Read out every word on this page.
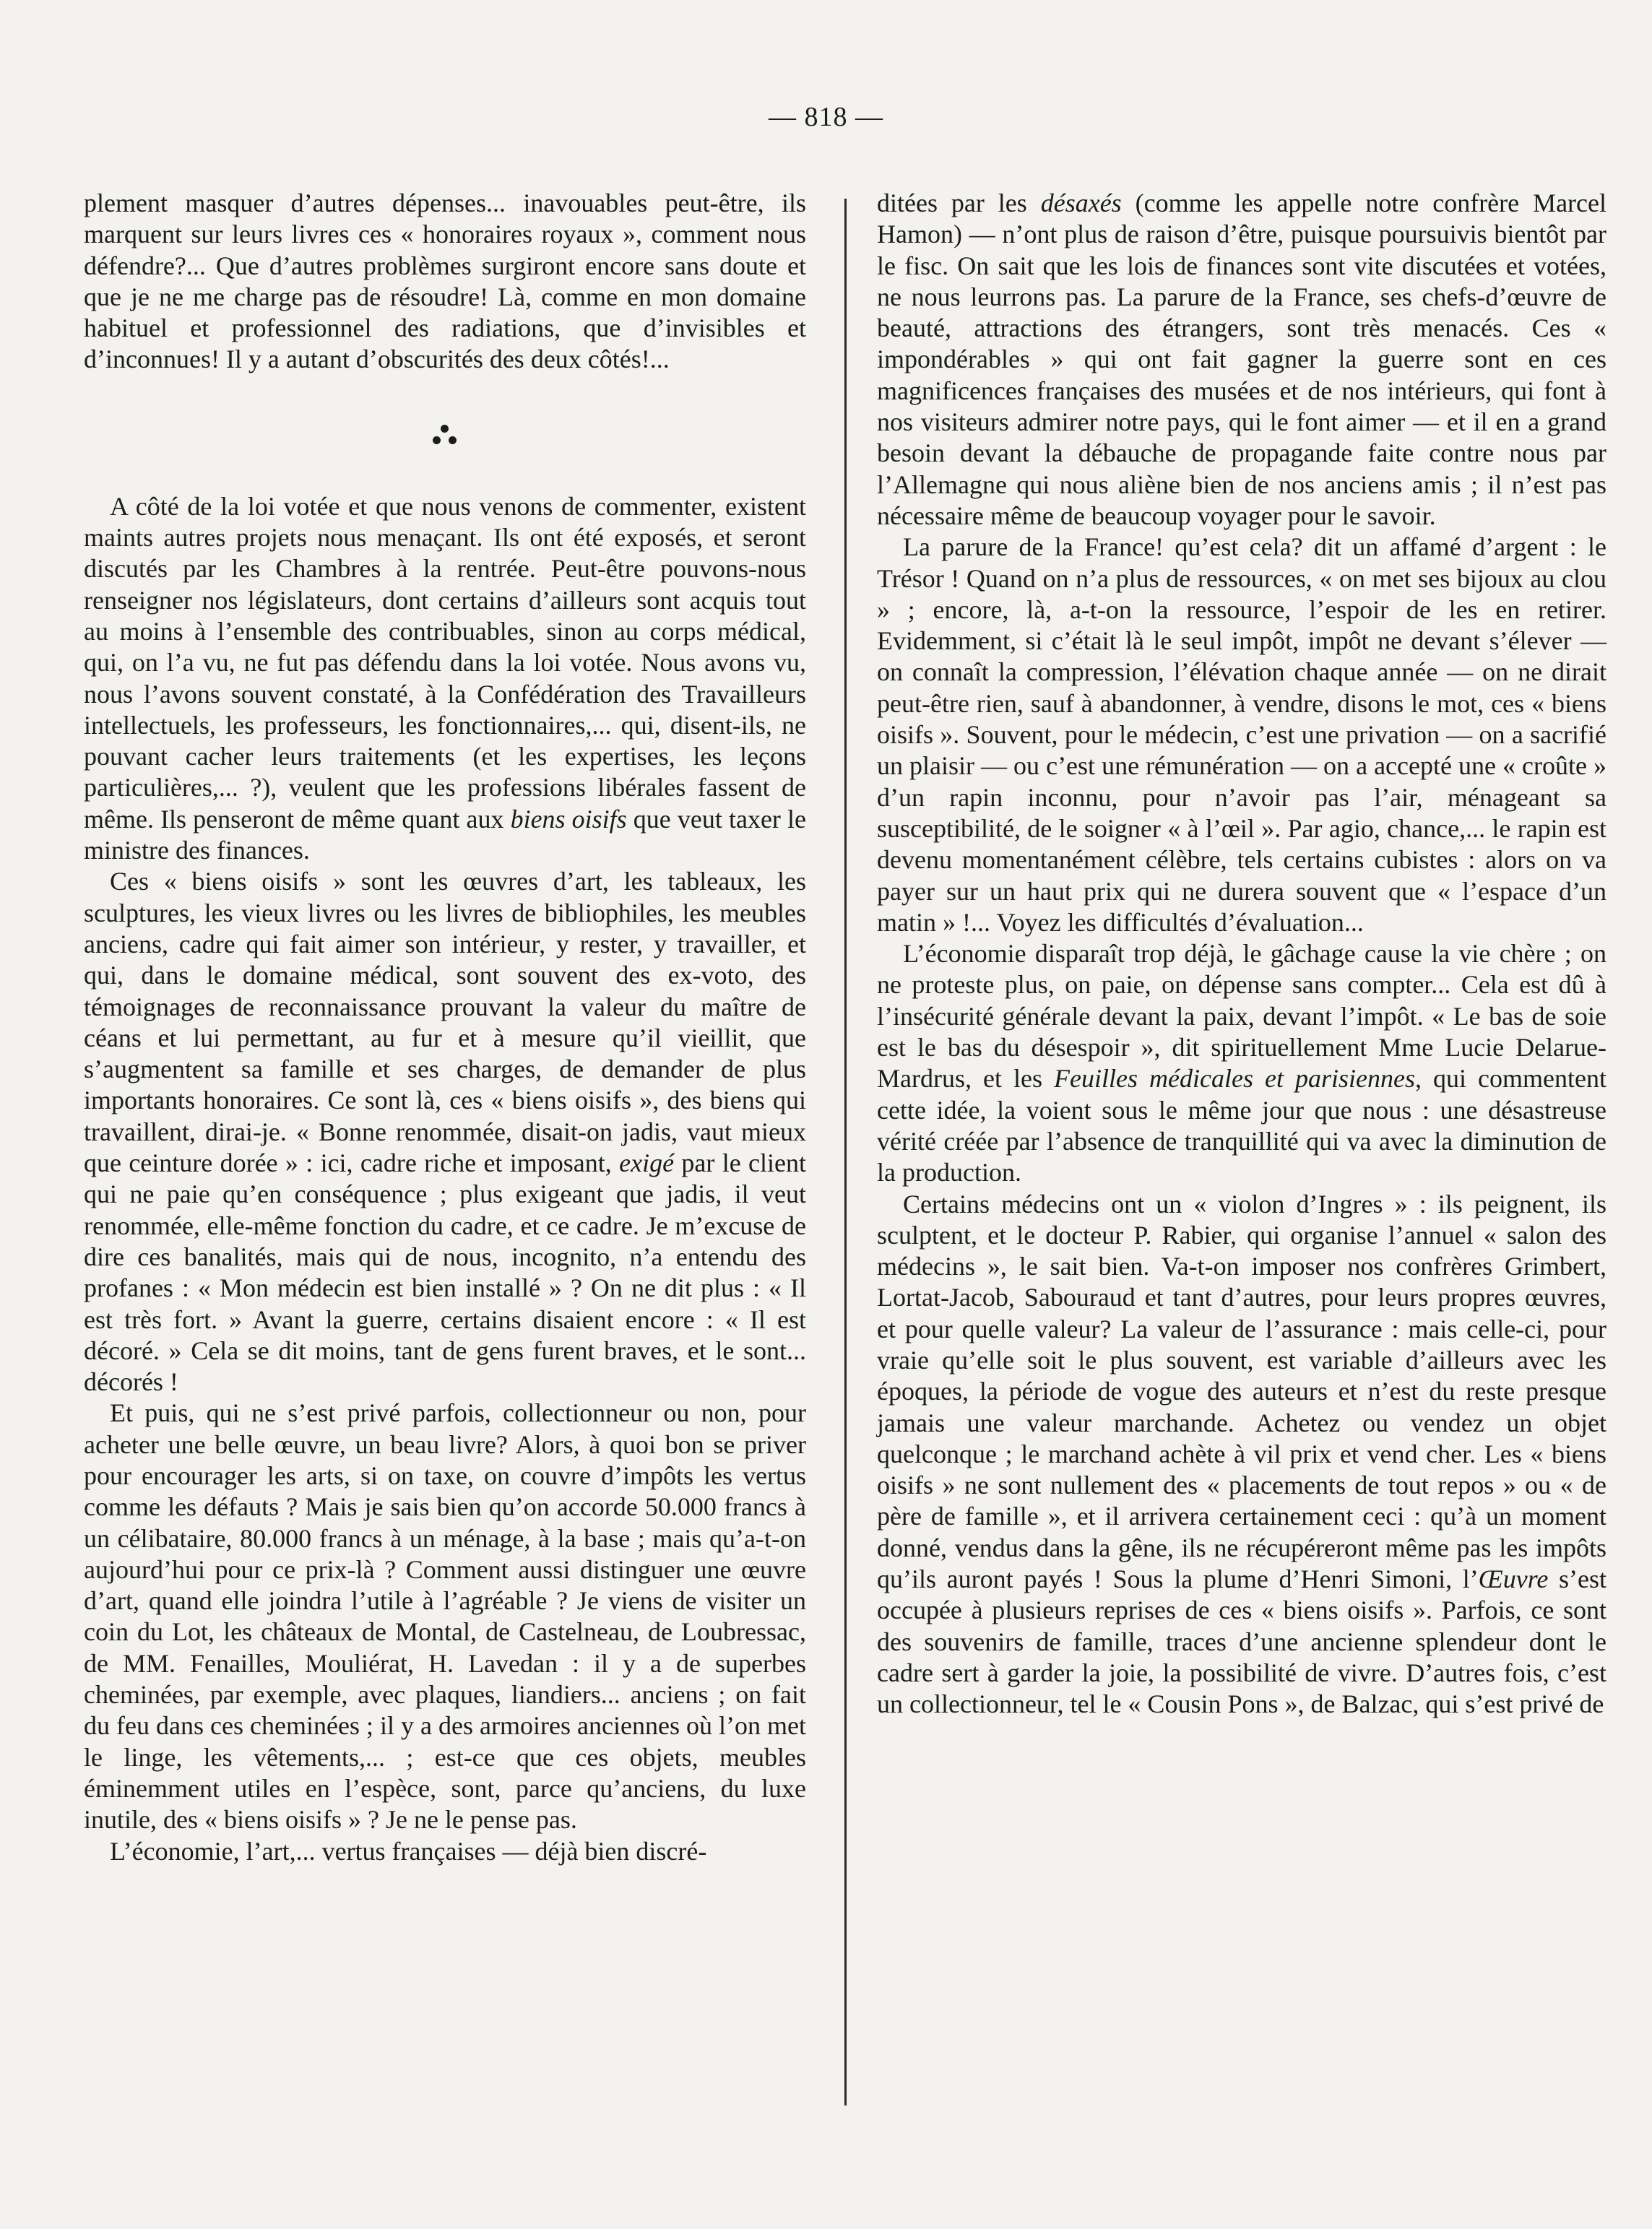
— 818 —

plement masquer d’autres dépenses... inavouables peut-être, ils marquent sur leurs livres ces « honoraires royaux », comment nous défendre?... Que d’autres problèmes surgiront encore sans doute et que je ne me charge pas de résoudre! Là, comme en mon domaine habituel et professionnel des radiations, que d’invisibles et d’inconnues! Il y a autant d’obscurités des deux côtés!...

A côté de la loi votée et que nous venons de commenter, existent maints autres projets nous menaçant. Ils ont été exposés, et seront discutés par les Chambres à la rentrée. Peut-être pouvons-nous renseigner nos législateurs, dont certains d’ailleurs sont acquis tout au moins à l’ensemble des contribuables, sinon au corps médical, qui, on l’a vu, ne fut pas défendu dans la loi votée. Nous avons vu, nous l’avons souvent constaté, à la Confédération des Travailleurs intellectuels, les professeurs, les fonctionnaires,... qui, disent-ils, ne pouvant cacher leurs traitements (et les expertises, les leçons particulières,... ?), veulent que les professions libérales fassent de même. Ils penseront de même quant aux biens oisifs que veut taxer le ministre des finances.

Ces « biens oisifs » sont les œuvres d’art, les tableaux, les sculptures, les vieux livres ou les livres de bibliophiles, les meubles anciens, cadre qui fait aimer son intérieur, y rester, y travailler, et qui, dans le domaine médical, sont souvent des ex-voto, des témoignages de reconnaissance prouvant la valeur du maître de céans et lui permettant, au fur et à mesure qu’il vieillit, que s’augmentent sa famille et ses charges, de demander de plus importants honoraires. Ce sont là, ces « biens oisifs », des biens qui travaillent, dirai-je. « Bonne renommée, disait-on jadis, vaut mieux que ceinture dorée » : ici, cadre riche et imposant, exigé par le client qui ne paie qu’en conséquence ; plus exigeant que jadis, il veut renommée, elle-même fonction du cadre, et ce cadre. Je m’excuse de dire ces banalités, mais qui de nous, incognito, n’a entendu des profanes : « Mon médecin est bien installé » ? On ne dit plus : « Il est très fort. » Avant la guerre, certains disaient encore : « Il est décoré. » Cela se dit moins, tant de gens furent braves, et le sont... décorés !

Et puis, qui ne s’est privé parfois, collectionneur ou non, pour acheter une belle œuvre, un beau livre? Alors, à quoi bon se priver pour encourager les arts, si on taxe, on couvre d’impôts les vertus comme les défauts ? Mais je sais bien qu’on accorde 50.000 francs à un célibataire, 80.000 francs à un ménage, à la base ; mais qu’a-t-on aujourd’hui pour ce prix-là ? Comment aussi distinguer une œuvre d’art, quand elle joindra l’utile à l’agréable ? Je viens de visiter un coin du Lot, les châteaux de Montal, de Castelneau, de Loubressac, de MM. Fenailles, Mouliérat, H. Lavedan : il y a de superbes cheminées, par exemple, avec plaques, liandiers... anciens ; on fait du feu dans ces cheminées ; il y a des armoires anciennes où l’on met le linge, les vêtements,... ; est-ce que ces objets, meubles éminemment utiles en l’espèce, sont, parce qu’anciens, du luxe inutile, des « biens oisifs » ? Je ne le pense pas.

L’économie, l’art,... vertus françaises — déjà bien discré-

ditées par les désaxés (comme les appelle notre confrère Marcel Hamon) — n’ont plus de raison d’être, puisque poursuivis bientôt par le fisc. On sait que les lois de finances sont vite discutées et votées, ne nous leurrons pas. La parure de la France, ses chefs-d’œuvre de beauté, attractions des étrangers, sont très menacés. Ces « impondérables » qui ont fait gagner la guerre sont en ces magnificences françaises des musées et de nos intérieurs, qui font à nos visiteurs admirer notre pays, qui le font aimer — et il en a grand besoin devant la débauche de propagande faite contre nous par l’Allemagne qui nous aliène bien de nos anciens amis ; il n’est pas nécessaire même de beaucoup voyager pour le savoir.

La parure de la France! qu’est cela? dit un affamé d’argent : le Trésor ! Quand on n’a plus de ressources, « on met ses bijoux au clou » ; encore, là, a-t-on la ressource, l’espoir de les en retirer. Evidemment, si c’était là le seul impôt, impôt ne devant s’élever — on connaît la compression, l’élévation chaque année — on ne dirait peut-être rien, sauf à abandonner, à vendre, disons le mot, ces « biens oisifs ». Souvent, pour le médecin, c’est une privation — on a sacrifié un plaisir — ou c’est une rémunération — on a accepté une « croûte » d’un rapin inconnu, pour n’avoir pas l’air, ménageant sa susceptibilité, de le soigner « à l’œil ». Par agio, chance,... le rapin est devenu momentanément célèbre, tels certains cubistes : alors on va payer sur un haut prix qui ne durera souvent que « l’espace d’un matin » !... Voyez les difficultés d’évaluation...

L’économie disparaît trop déjà, le gâchage cause la vie chère ; on ne proteste plus, on paie, on dépense sans compter... Cela est dû à l’insécurité générale devant la paix, devant l’impôt. « Le bas de soie est le bas du désespoir », dit spirituellement Mme Lucie Delarue-Mardrus, et les Feuilles médicales et parisiennes, qui commentent cette idée, la voient sous le même jour que nous : une désastreuse vérité créée par l’absence de tranquillité qui va avec la diminution de la production.

Certains médecins ont un « violon d’Ingres » : ils peignent, ils sculptent, et le docteur P. Rabier, qui organise l’annuel « salon des médecins », le sait bien. Va-t-on imposer nos confrères Grimbert, Lortat-Jacob, Sabouraud et tant d’autres, pour leurs propres œuvres, et pour quelle valeur? La valeur de l’assurance : mais celle-ci, pour vraie qu’elle soit le plus souvent, est variable d’ailleurs avec les époques, la période de vogue des auteurs et n’est du reste presque jamais une valeur marchande. Achetez ou vendez un objet quelconque ; le marchand achète à vil prix et vend cher. Les « biens oisifs » ne sont nullement des « placements de tout repos » ou « de père de famille », et il arrivera certainement ceci : qu’à un moment donné, vendus dans la gêne, ils ne récupéreront même pas les impôts qu’ils auront payés ! Sous la plume d’Henri Simoni, l’Œuvre s’est occupée à plusieurs reprises de ces « biens oisifs ». Parfois, ce sont des souvenirs de famille, traces d’une ancienne splendeur dont le cadre sert à garder la joie, la possibilité de vivre. D’autres fois, c’est un collectionneur, tel le « Cousin Pons », de Balzac, qui s’est privé de
